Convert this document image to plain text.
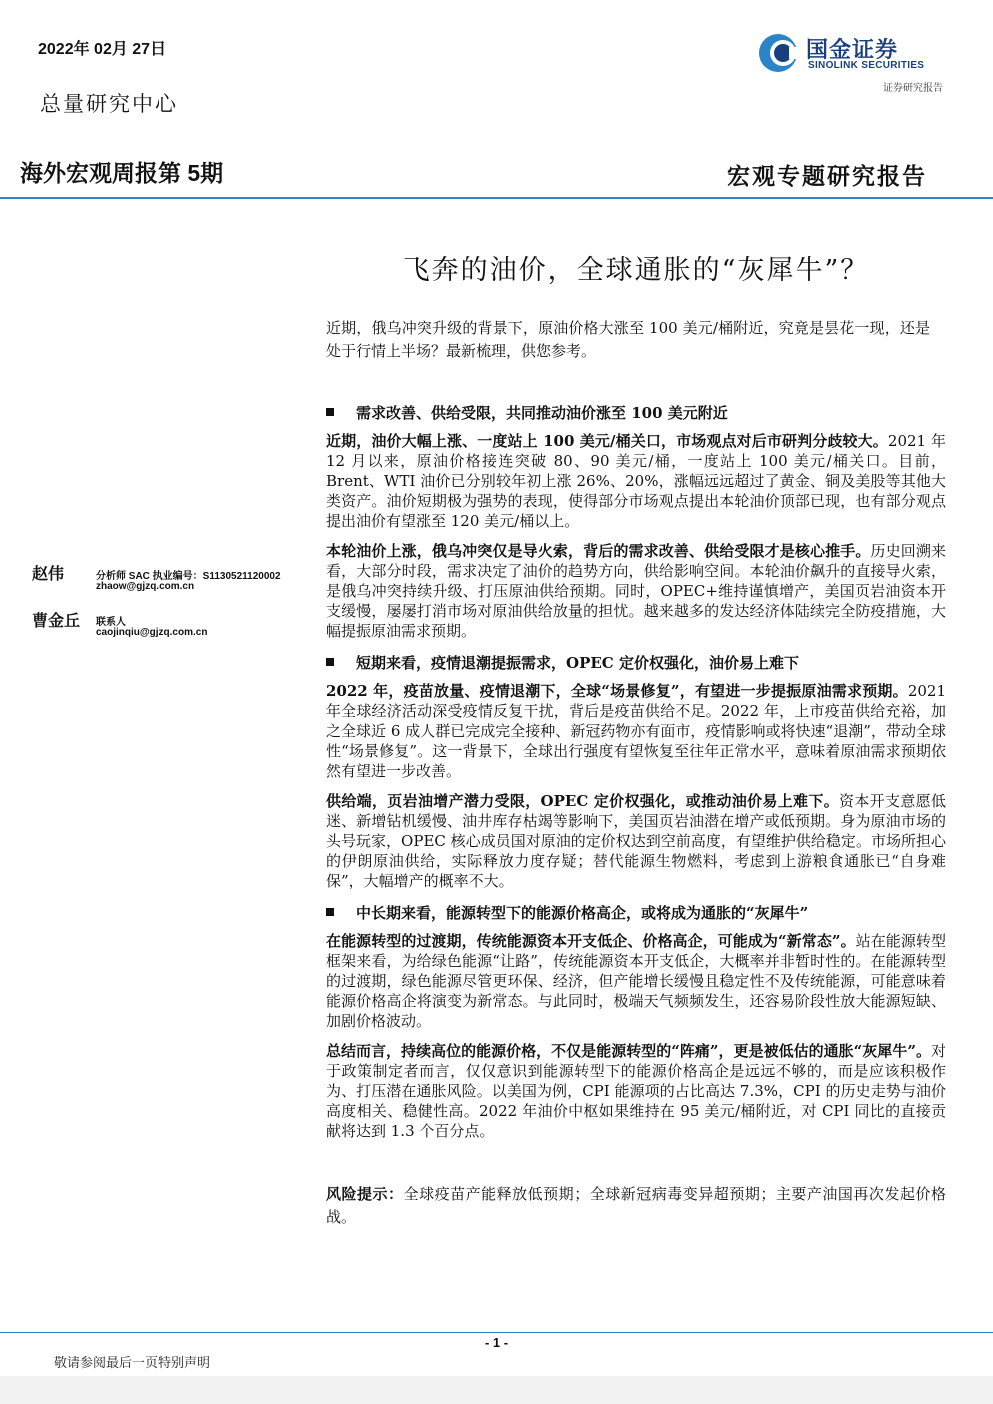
2022年 02月 27日
总量研究中心
国金证券
SINOLINK SECURITIES
证券研究报告
海外宏观周报第 5期	宏观专题研究报告
飞奔的油价，全球通胀的“灰犀牛”？
近期，俄乌冲突升级的背景下，原油价格大涨至 100 美元/桶附近，究竟是昙花一现，还是处于行情上半场？最新梳理，供您参考。
需求改善、供给受限，共同推动油价涨至 100 美元附近
近期，油价大幅上涨、一度站上 100 美元/桶关口，市场观点对后市研判分歧较大。2021 年 12 月以来，原油价格接连突破 80、90 美元/桶，一度站上 100 美元/桶关口。目前，Brent、WTI 油价已分别较年初上涨 26%、20%，涨幅远远超过了黄金、铜及美股等其他大类资产。油价短期极为强势的表现，使得部分市场观点提出本轮油价顶部已现，也有部分观点提出油价有望涨至 120 美元/桶以上。
本轮油价上涨，俄乌冲突仅是导火索，背后的需求改善、供给受限才是核心推手。历史回溯来看，大部分时段，需求决定了油价的趋势方向，供给影响空间。本轮油价飙升的直接导火索，是俄乌冲突持续升级、打压原油供给预期。同时，OPEC+维持谨慎增产，美国页岩油资本开支缓慢，屡屡打消市场对原油供给放量的担忧。越来越多的发达经济体陆续完全防疫措施，大幅提振原油需求预期。
短期来看，疫情退潮提振需求，OPEC 定价权强化，油价易上难下
2022 年，疫苗放量、疫情退潮下，全球“场景修复”，有望进一步提振原油需求预期。2021 年全球经济活动深受疫情反复干扰，背后是疫苗供给不足。2022 年，上市疫苗供给充裕，加之全球近 6 成人群已完成完全接种、新冠药物亦有面市，疫情影响或将快速“退潮”，带动全球性“场景修复”。这一背景下，全球出行强度有望恢复至往年正常水平，意味着原油需求预期依然有望进一步改善。
供给端，页岩油增产潜力受限，OPEC 定价权强化，或推动油价易上难下。资本开支意愿低迷、新增钻机缓慢、油井库存枯竭等影响下，美国页岩油潜在增产或低预期。身为原油市场的头号玩家，OPEC 核心成员国对原油的定价权达到空前高度，有望维护供给稳定。市场所担心的伊朗原油供给，实际释放力度存疑；替代能源生物燃料，考虑到上游粮食通胀已“自身难保”，大幅增产的概率不大。
中长期来看，能源转型下的能源价格高企，或将成为通胀的“灰犀牛”
在能源转型的过渡期，传统能源资本开支低企、价格高企，可能成为“新常态”。站在能源转型框架来看，为给绿色能源“让路”，传统能源资本开支低企，大概率并非暂时性的。在能源转型的过渡期，绿色能源尽管更环保、经济，但产能增长缓慢且稳定性不及传统能源，可能意味着能源价格高企将演变为新常态。与此同时，极端天气频频发生，还容易阶段性放大能源短缺、加剧价格波动。
总结而言，持续高位的能源价格，不仅是能源转型的“阵痛”，更是被低估的通胀“灰犀牛”。对于政策制定者而言，仅仅意识到能源转型下的能源价格高企是远远不够的，而是应该积极作为、打压潜在通胀风险。以美国为例，CPI 能源项的占比高达 7.3%，CPI 的历史走势与油价高度相关、稳健性高。2022 年油价中枢如果维持在 95 美元/桶附近，对 CPI 同比的直接贡献将达到 1.3 个百分点。
风险提示：全球疫苗产能释放低预期；全球新冠病毒变异超预期；主要产油国再次发起价格战。
赵伟	分析师 SAC 执业编号：S1130521120002
zhaow@gjzq.com.cn
曹金丘 联系人
caojinqiu@gjzq.com.cn
- 1 -
敬请参阅最后一页特别声明
